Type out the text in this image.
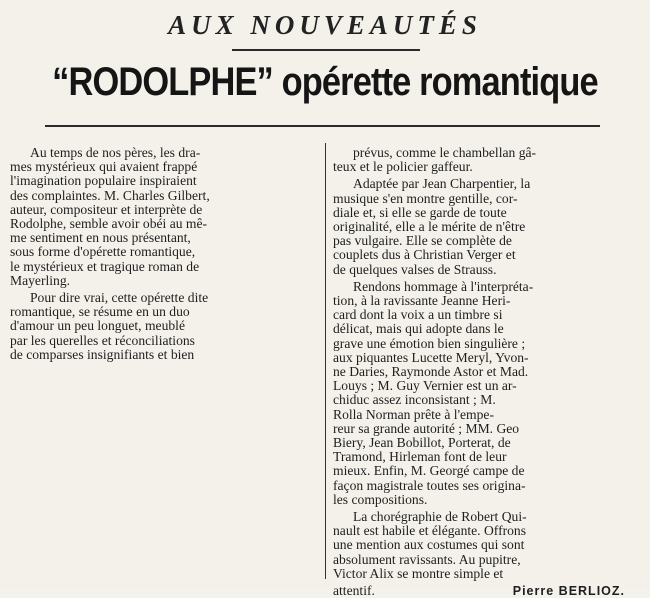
AUX NOUVEAUTÉS
“RODOLPHE” opérette romantique

Au temps de nos pères, les dra-
mes mystérieux qui avaient frappé
l'imagination populaire inspiraient
des complaintes. M. Charles Gilbert,
auteur, compositeur et interprète de
Rodolphe, semble avoir obéi au mê-
me sentiment en nous présentant,
sous forme d'opérette romantique,
le mystérieux et tragique roman de
Mayerling.

Pour dire vrai, cette opérette dite
romantique, se résume en un duo
d'amour un peu longuet, meublé
par les querelles et réconciliations
de comparses insignifiants et bien

prévus, comme le chambellan gâ-
teux et le policier gaffeur.

Adaptée par Jean Charpentier, la
musique s'en montre gentille, cor-
diale et, si elle se garde de toute
originalité, elle a le mérite de n'être
pas vulgaire. Elle se complète de
couplets dus à Christian Verger et
de quelques valses de Strauss.

Rendons hommage à l'interpréta-
tion, à la ravissante Jeanne Heri-
card dont la voix a un timbre si
délicat, mais qui adopte dans le
grave une émotion bien singulière ;
aux piquantes Lucette Meryl, Yvon-
ne Daries, Raymonde Astor et Mad.
Louys ; M. Guy Vernier est un ar-
chiduc assez inconsistant ; M.
Rolla Norman prête à l'empe-
reur sa grande autorité ; MM. Geo
Biery, Jean Bobillot, Porterat, de
Tramond, Hirleman font de leur
mieux. Enfin, M. Georgé campe de
façon magistrale toutes ses origina-
les compositions.

La chorégraphie de Robert Qui-
nault est habile et élégante. Offrons
une mention aux costumes qui sont
absolument ravissants. Au pupitre,
Victor Alix se montre simple et

attentif.	Pierre BERLIOZ.
